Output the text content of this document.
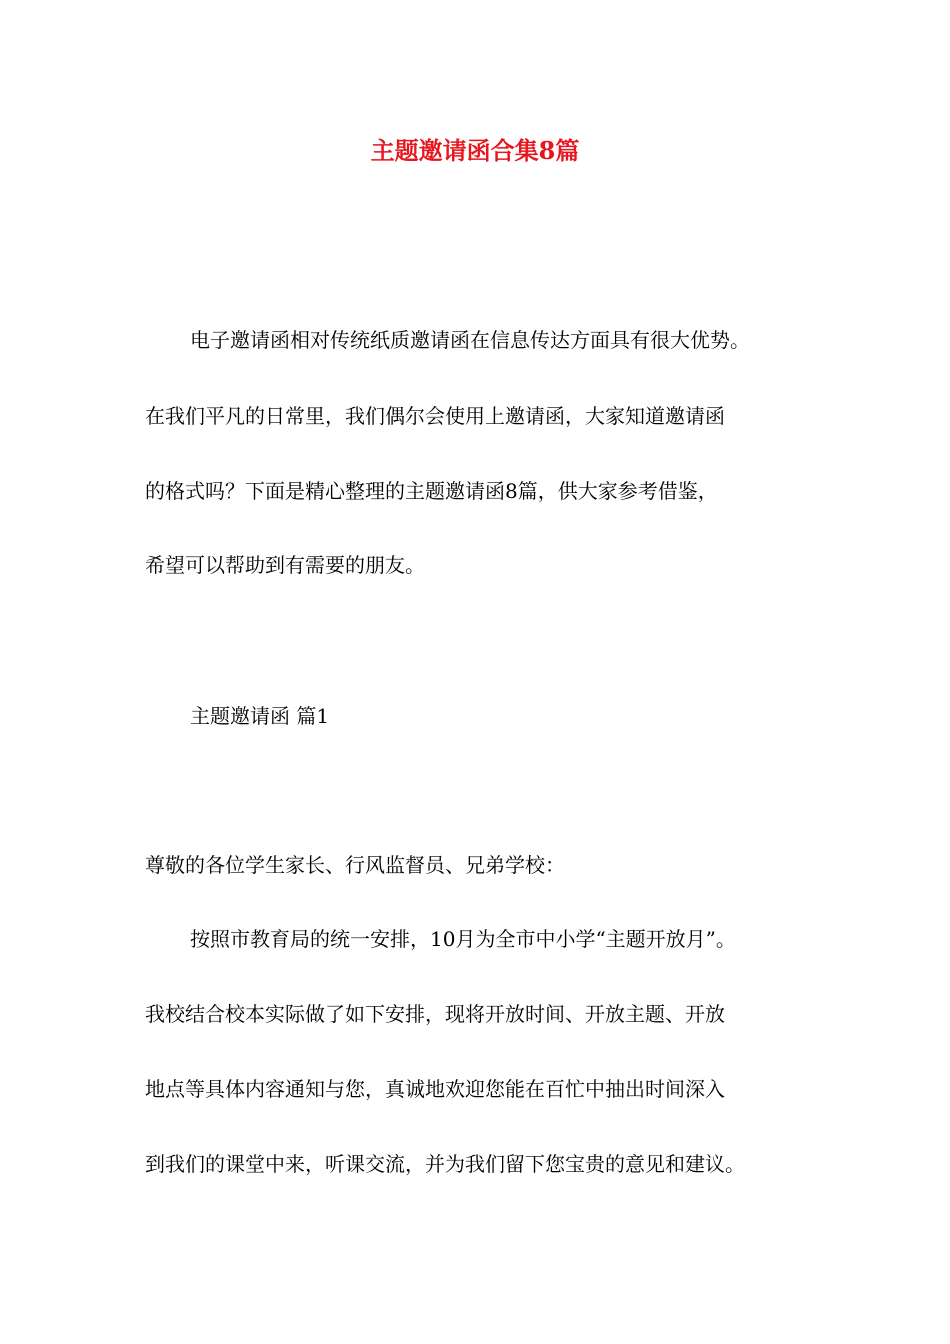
主题邀请函合集8篇
电子邀请函相对传统纸质邀请函在信息传达方面具有很大优势。
在我们平凡的日常里，我们偶尔会使用上邀请函，大家知道邀请函
的格式吗？下面是精心整理的主题邀请函8篇，供大家参考借鉴，
希望可以帮助到有需要的朋友。
主题邀请函 篇1
尊敬的各位学生家长、行风监督员、兄弟学校：
按照市教育局的统一安排，10月为全市中小学“主题开放月”。
我校结合校本实际做了如下安排，现将开放时间、开放主题、开放
地点等具体内容通知与您，真诚地欢迎您能在百忙中抽出时间深入
到我们的课堂中来，听课交流，并为我们留下您宝贵的意见和建议。
